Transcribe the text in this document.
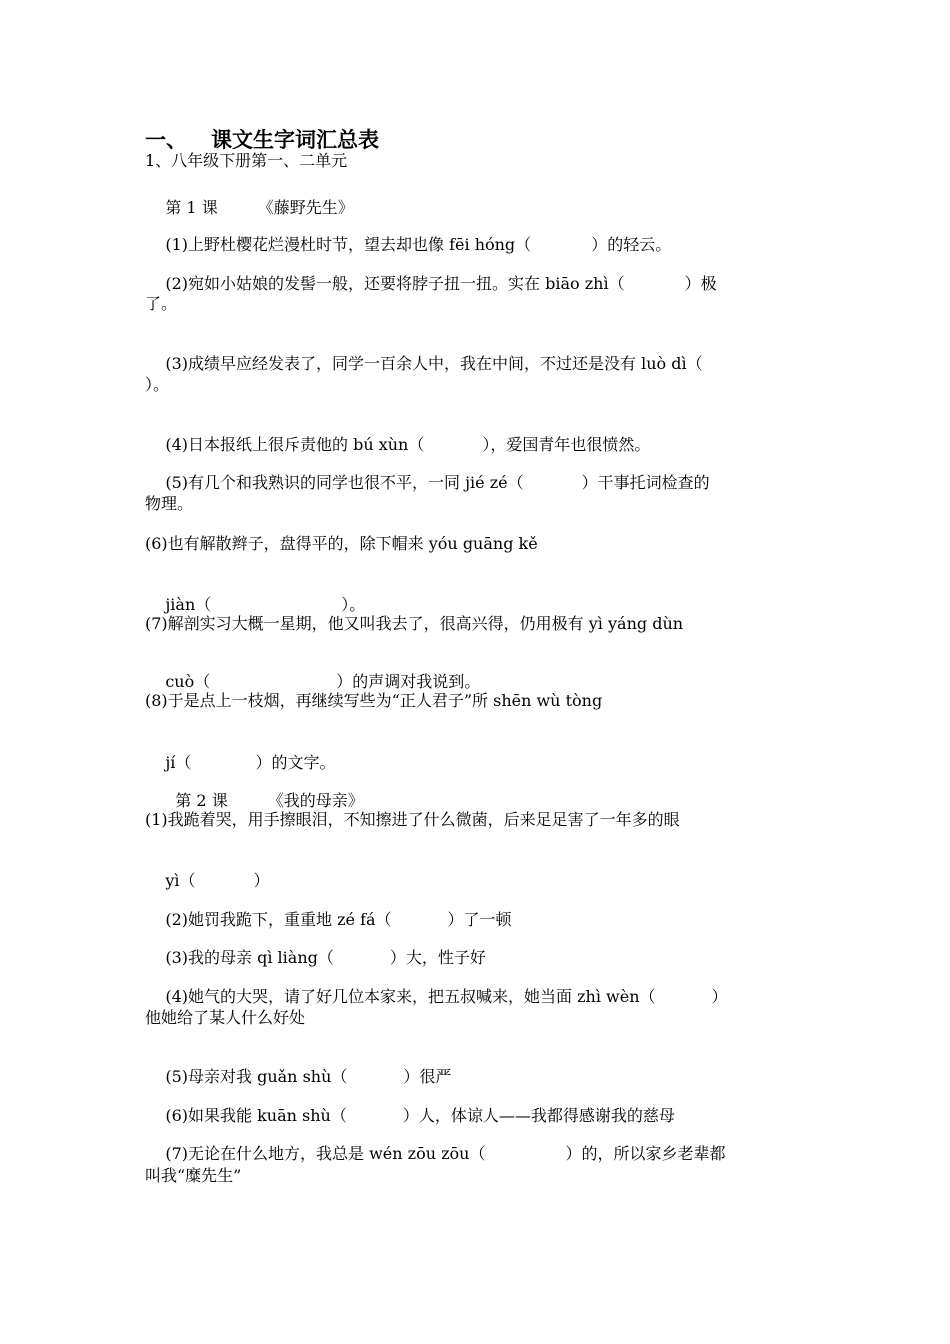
一、 课文生字词汇总表
1、八年级下册第一、二单元

第 1 课	《藤野先生》

(1)上野杜樱花烂漫杜时节，望去却也像 fēi hóng（	）的轻云。

(2)宛如小姑娘的发髻一般，还要将脖子扭一扭。实在 biāo zhì（	）极

了。

(3)成绩早应经发表了，同学一百余人中，我在中间，不过还是没有 luò dì（

）。

(4)日本报纸上很斥责他的 bú xùn（	），爱国青年也很愤然。

(5)有几个和我熟识的同学也很不平，一同 jié zé（	）干事托词检查的

物理。
(6)也有解散辫子，盘得平的，除下帽来 yóu guāng kě

jiàn（	）。

(7)解剖实习大概一星期，他又叫我去了，很高兴得，仍用极有 yì yáng dùn

cuò（	）的声调对我说到。

(8)于是点上一枝烟，再继续写些为“正人君子”所 shēn wù tòng

jí（	）的文字。

第 2 课	《我的母亲》

(1)我跪着哭，用手擦眼泪，不知擦进了什么微菌，后来足足害了一年多的眼

yì（	）

(2)她罚我跪下，重重地 zé fá（	）了一顿

(3)我的母亲 qì liàng（	）大，性子好

(4)她气的大哭，请了好几位本家来，把五叔喊来，她当面 zhì wèn（	）

他她给了某人什么好处

(5)母亲对我 guǎn shù（	）很严

(6)如果我能 kuān shù（	）人，体谅人——我都得感谢我的慈母

(7)无论在什么地方，我总是 wén zōu zōu（	）的，所以家乡老辈都

叫我“糜先生”
